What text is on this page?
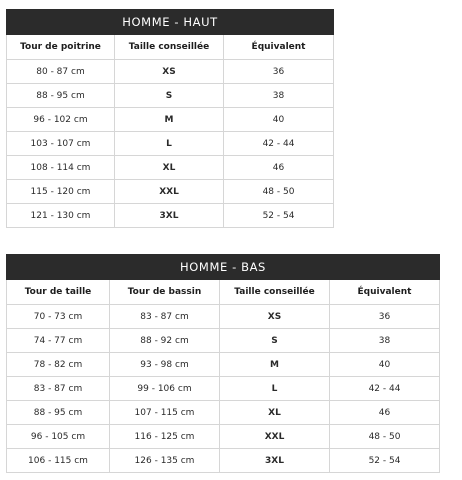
HOMME - HAUT		
Tour de poitrine	Taille conseillée	Équivalent
80 - 87 cm	XS	36
88 - 95 cm	S	38
96 - 102 cm	M	40
103 - 107 cm	L	42 - 44
108 - 114 cm	XL	46
115 - 120 cm	XXL	48 - 50
121 - 130 cm	3XL	52 - 54
HOMME - BAS			
Tour de taille	Tour de bassin	Taille conseillée	Équivalent
70 - 73 cm	83 - 87 cm	XS	36
74 - 77 cm	88 - 92 cm	S	38
78 - 82 cm	93 - 98 cm	M	40
83 - 87 cm	99 - 106 cm	L	42 - 44
88 - 95 cm	107 - 115 cm	XL	46
96 - 105 cm	116 - 125 cm	XXL	48 - 50
106 - 115 cm	126 - 135 cm	3XL	52 - 54
